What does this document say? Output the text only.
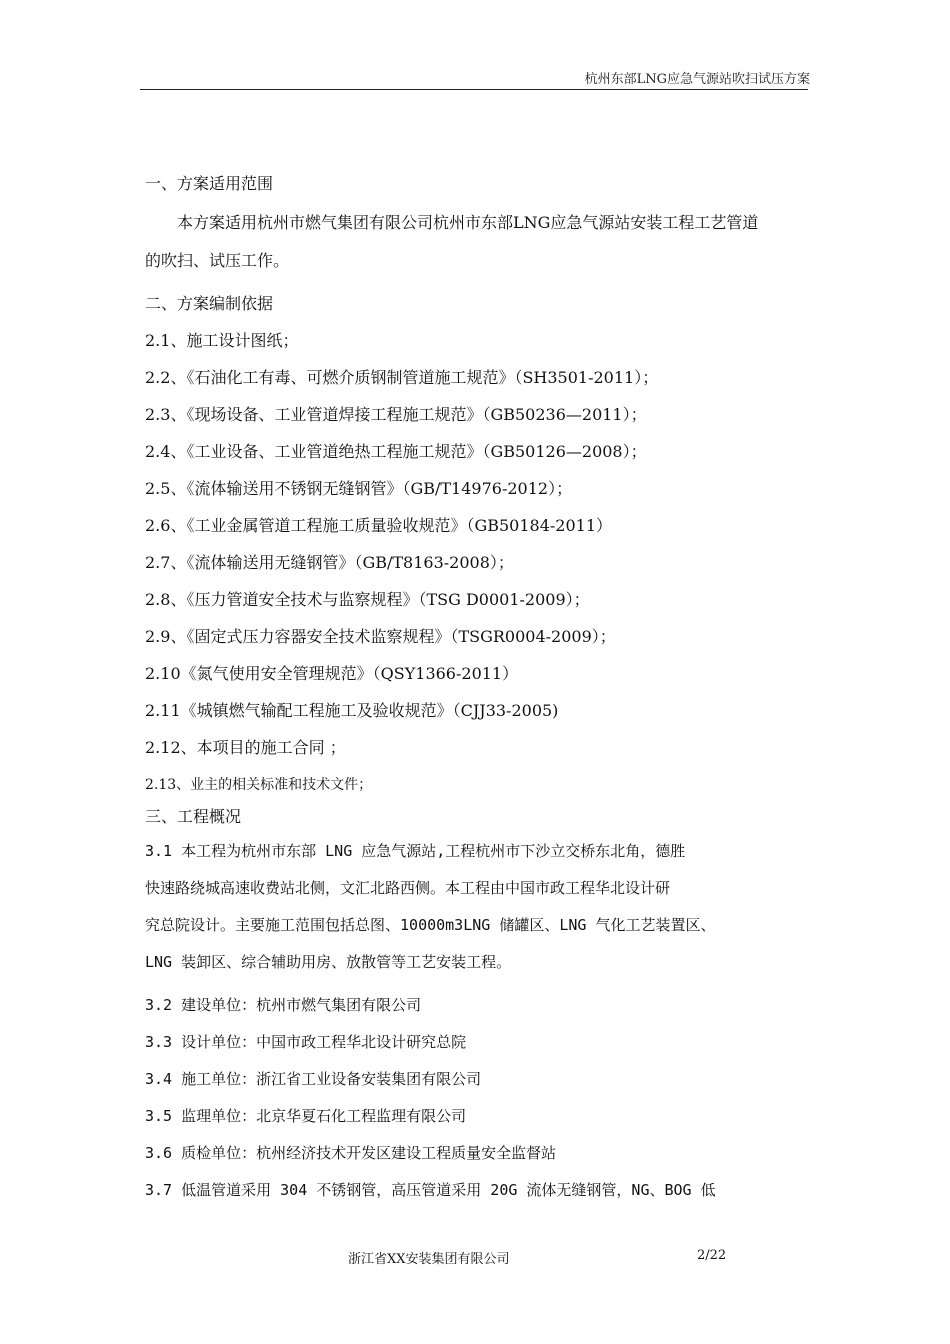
杭州东部LNG应急气源站吹扫试压方案
一、方案适用范围
本方案适用杭州市燃气集团有限公司杭州市东部LNG应急气源站安装工程工艺管道
的吹扫、试压工作。
二、方案编制依据
2.1、施工设计图纸；
2.2、《石油化工有毒、可燃介质钢制管道施工规范》（SH3501-2011）；
2.3、《现场设备、工业管道焊接工程施工规范》（GB50236—2011）；
2.4、《工业设备、工业管道绝热工程施工规范》（GB50126—2008）；
2.5、《流体输送用不锈钢无缝钢管》（GB/T14976-2012）；
2.6、《工业金属管道工程施工质量验收规范》（GB50184-2011）
2.7、《流体输送用无缝钢管》（GB/T8163-2008）；
2.8、《压力管道安全技术与监察规程》（TSG D0001-2009）；
2.9、《固定式压力容器安全技术监察规程》（TSGR0004-2009）；
2.10《氮气使用安全管理规范》（QSY1366-2011）
2.11《城镇燃气输配工程施工及验收规范》（CJJ33-2005)
2.12、本项目的施工合同 ；
2.13、业主的相关标准和技术文件；
三、工程概况
3.1 本工程为杭州市东部 LNG 应急气源站,工程杭州市下沙立交桥东北角，德胜
快速路绕城高速收费站北侧，文汇北路西侧。本工程由中国市政工程华北设计研
究总院设计。主要施工范围包括总图、10000m3LNG 储罐区、LNG 气化工艺装置区、
LNG 装卸区、综合辅助用房、放散管等工艺安装工程。
3.2 建设单位：杭州市燃气集团有限公司
3.3 设计单位：中国市政工程华北设计研究总院
3.4 施工单位：浙江省工业设备安装集团有限公司
3.5 监理单位：北京华夏石化工程监理有限公司
3.6 质检单位：杭州经济技术开发区建设工程质量安全监督站
3.7 低温管道采用 304 不锈钢管，高压管道采用 20G 流体无缝钢管，NG、BOG 低
浙江省XX安装集团有限公司	2/22
